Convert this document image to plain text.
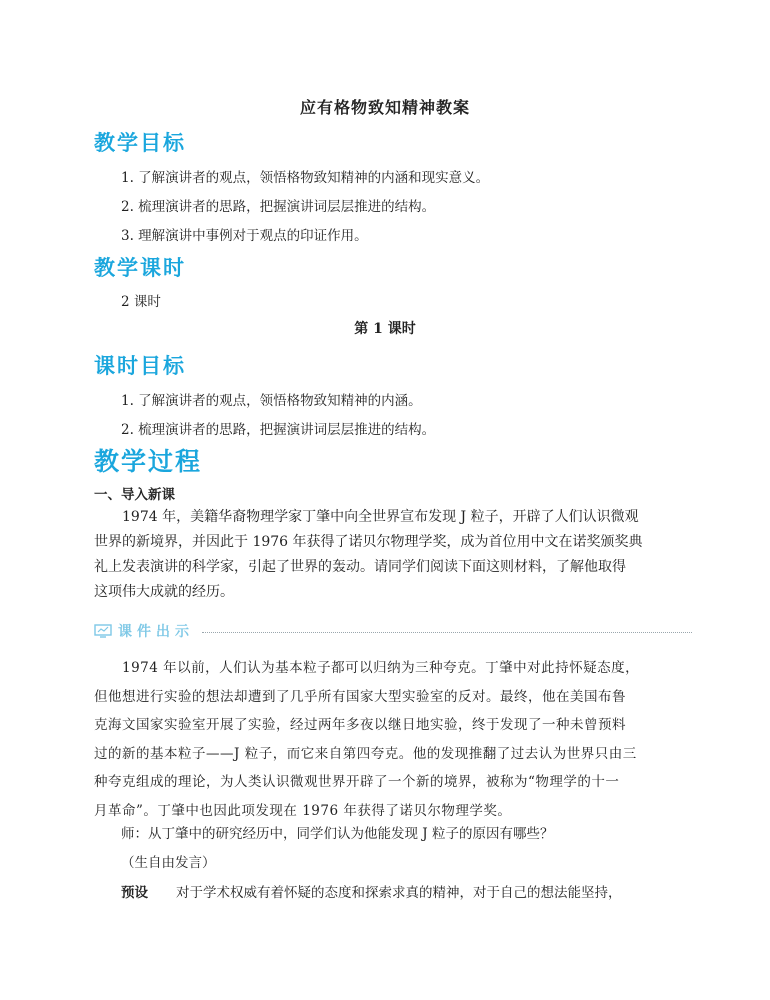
应有格物致知精神教案
教学目标
1. 了解演讲者的观点，领悟格物致知精神的内涵和现实意义。
2. 梳理演讲者的思路，把握演讲词层层推进的结构。
3. 理解演讲中事例对于观点的印证作用。
教学课时
2 课时
第 1 课时
课时目标
1. 了解演讲者的观点，领悟格物致知精神的内涵。
2. 梳理演讲者的思路，把握演讲词层层推进的结构。
教学过程
一、导入新课
1974 年，美籍华裔物理学家丁肇中向全世界宣布发现 J 粒子，开辟了人们认识微观
世界的新境界，并因此于 1976 年获得了诺贝尔物理学奖，成为首位用中文在诺奖颁奖典
礼上发表演讲的科学家，引起了世界的轰动。请同学们阅读下面这则材料，了解他取得
这项伟大成就的经历。
课件出示
1974 年以前，人们认为基本粒子都可以归纳为三种夸克。丁肇中对此持怀疑态度，
但他想进行实验的想法却遭到了几乎所有国家大型实验室的反对。最终，他在美国布鲁
克海文国家实验室开展了实验，经过两年多夜以继日地实验，终于发现了一种未曾预料
过的新的基本粒子——J 粒子，而它来自第四夸克。他的发现推翻了过去认为世界只由三
种夸克组成的理论，为人类认识微观世界开辟了一个新的境界，被称为“物理学的十一
月革命”。丁肇中也因此项发现在 1976 年获得了诺贝尔物理学奖。
师：从丁肇中的研究经历中，同学们认为他能发现 J 粒子的原因有哪些？
（生自由发言）
预设 对于学术权威有着怀疑的态度和探索求真的精神，对于自己的想法能坚持，
